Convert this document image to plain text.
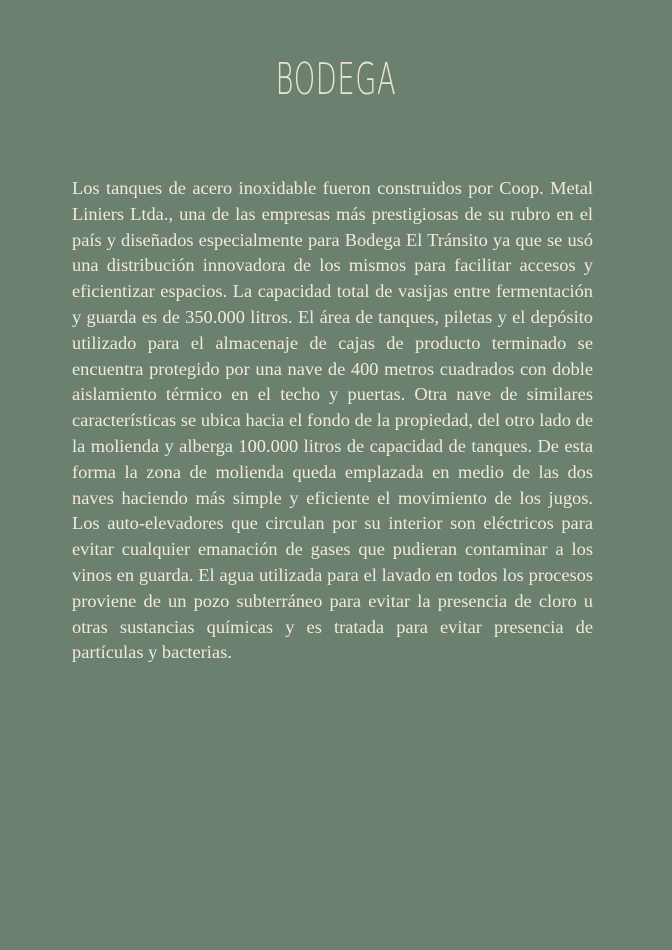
BODEGA

Los tanques de acero inoxidable fueron construidos por Coop. Metal Liniers Ltda., una de las empresas más prestigiosas de su rubro en el país y diseñados especialmente para Bodega El Tránsito ya que se usó una distribución innovadora de los mismos para facilitar accesos y eficientizar espacios. La capacidad total de vasijas entre fermentación y guarda es de 350.000 litros. El área de tanques, piletas y el depósito utilizado para el almacenaje de cajas de producto terminado se encuentra protegido por una nave de 400 metros cuadrados con doble aislamiento térmico en el techo y puertas. Otra nave de similares características se ubica hacia el fondo de la propiedad, del otro lado de la molienda y alberga 100.000 litros de capacidad de tanques. De esta forma la zona de molienda queda emplazada en medio de las dos naves haciendo más simple y eficiente el movimiento de los jugos. Los auto-elevadores que circulan por su interior son eléctricos para evitar cualquier emanación de gases que pudieran contaminar a los vinos en guarda. El agua utilizada para el lavado en todos los procesos proviene de un pozo subterráneo para evitar la presencia de cloro u otras sustancias químicas y es tratada para evitar presencia de partículas y bacterias.
